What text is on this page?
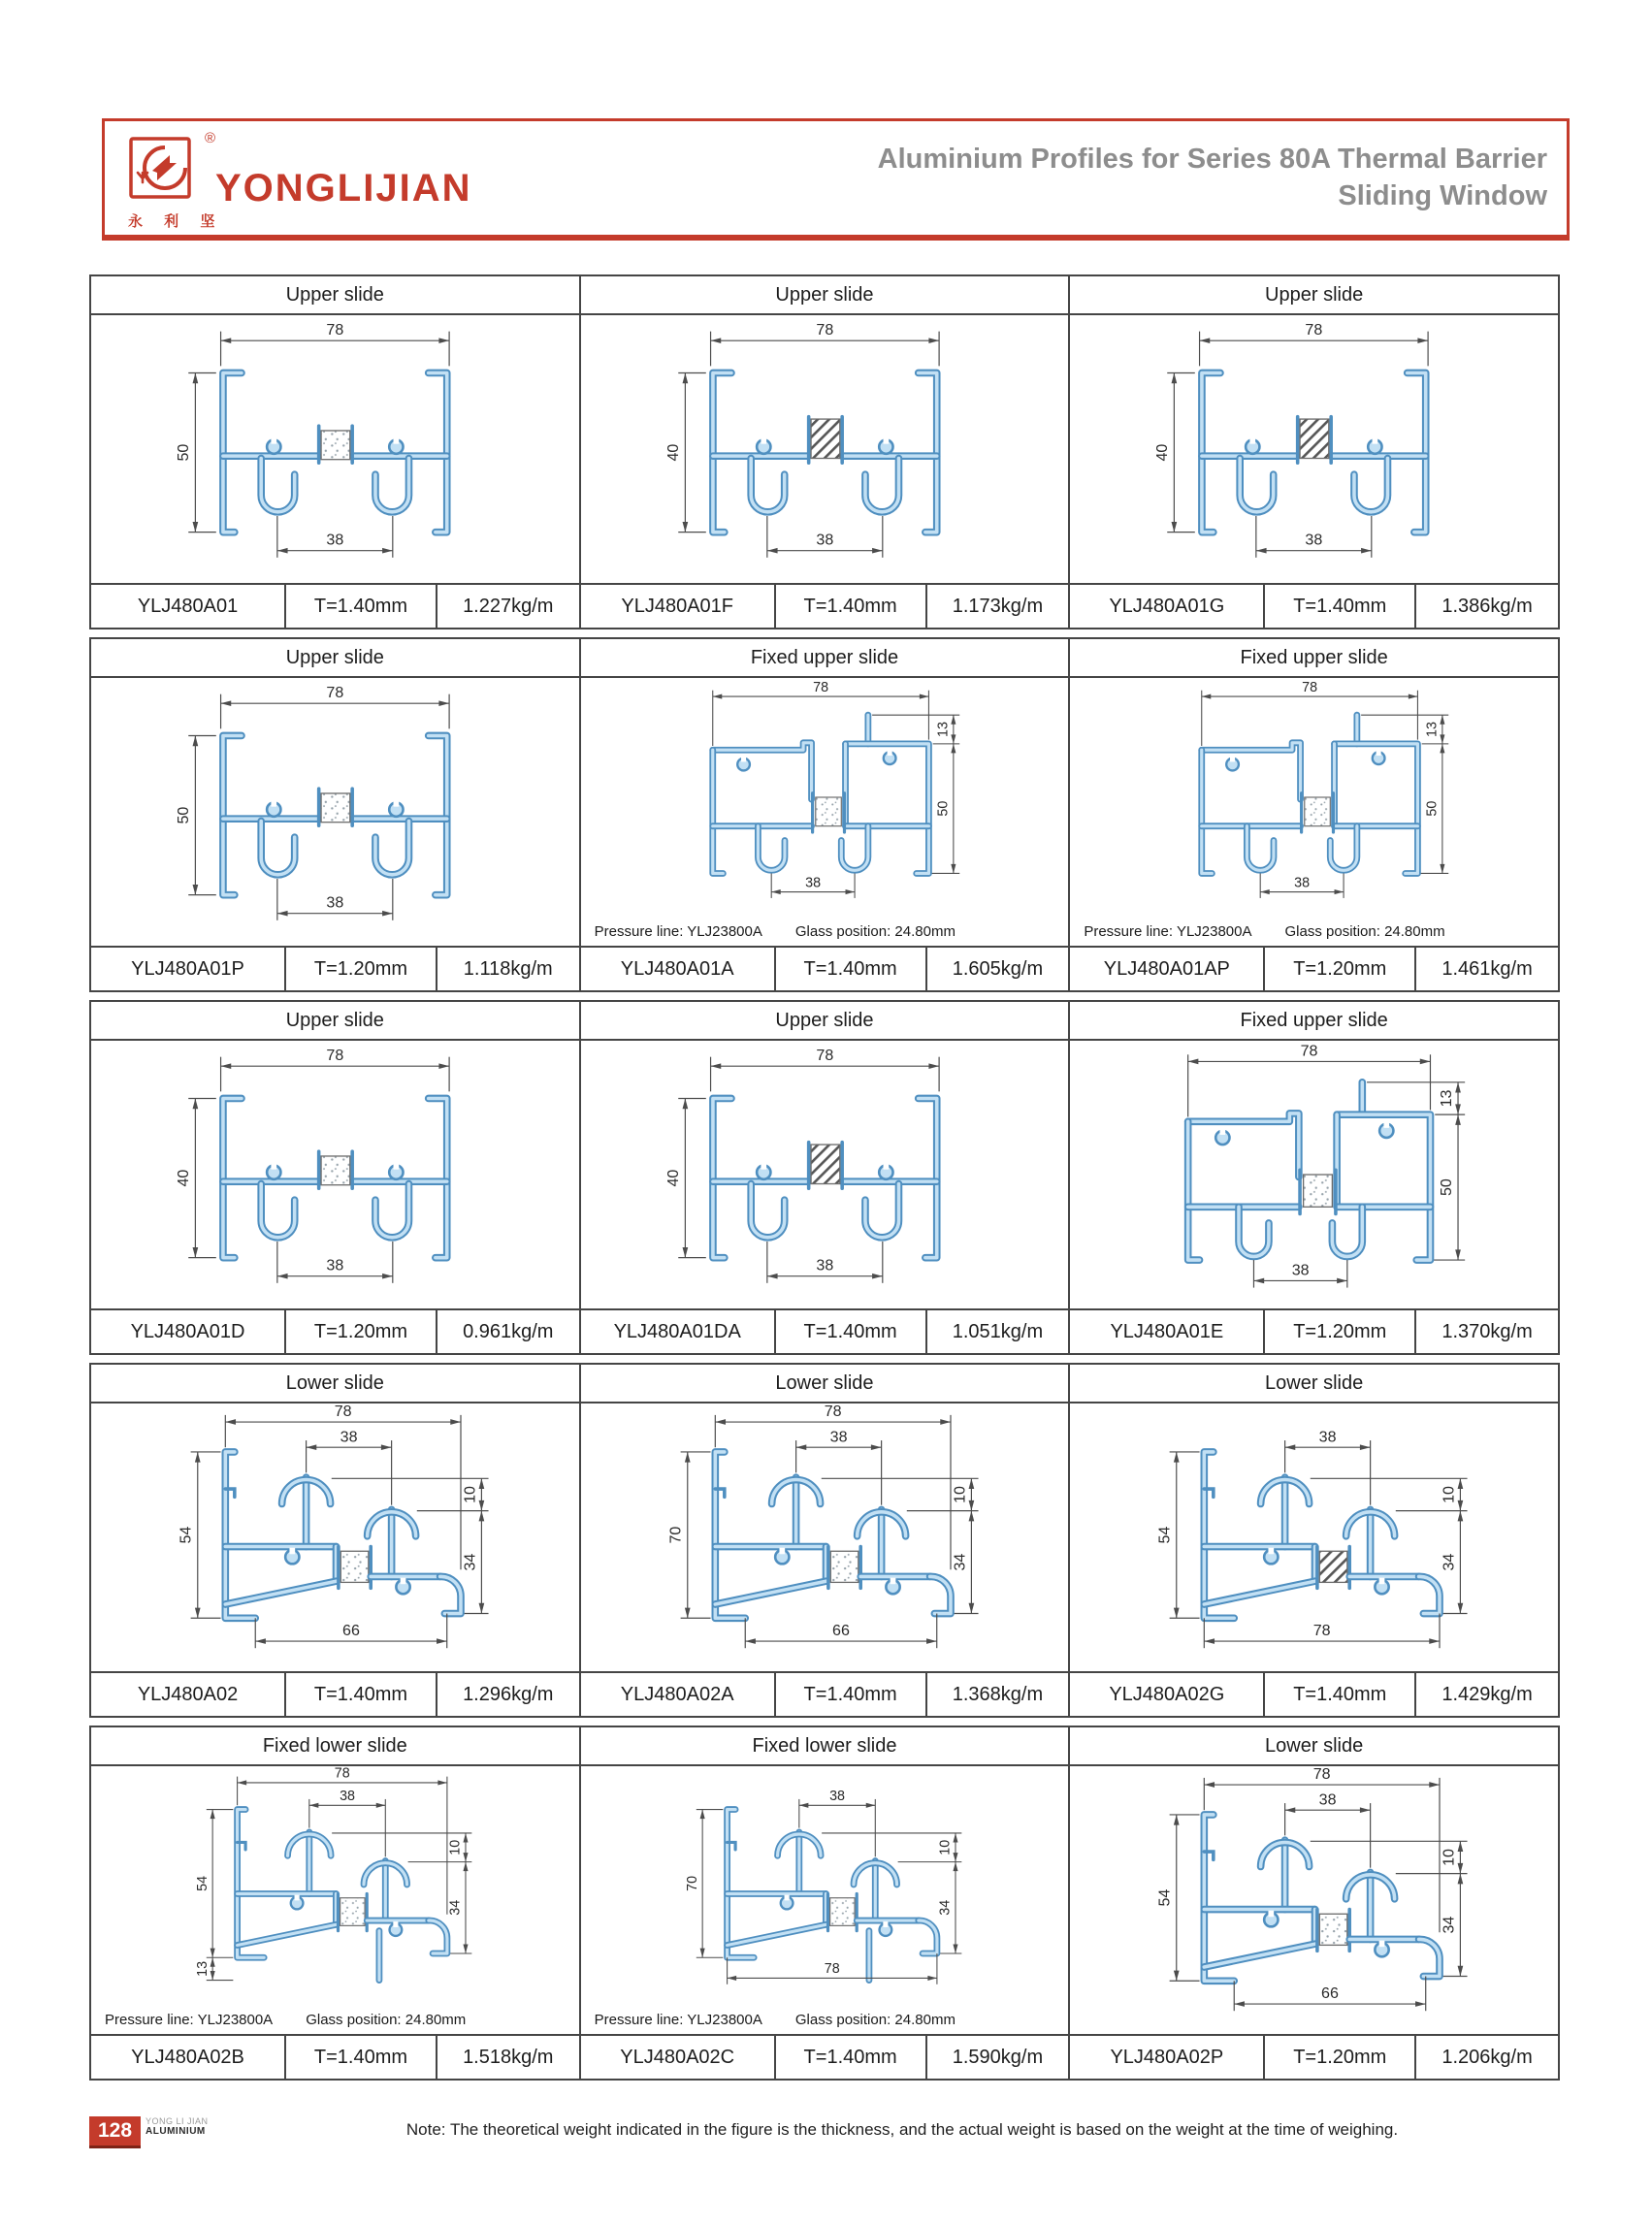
®
永 利 坚
YONGLIJIAN
Aluminium Profiles for Series 80A Thermal Barrier
Sliding Window
Upper slide
78
50
38
YLJ480A01	T=1.40mm	1.227kg/m
Upper slide
78
40
38
YLJ480A01F	T=1.40mm	1.173kg/m
Upper slide
78
40
38
YLJ480A01G	T=1.40mm	1.386kg/m
Upper slide
78
50
38
YLJ480A01P	T=1.20mm	1.118kg/m
Fixed upper slide
78
13
50
38
Pressure line: YLJ23800A Glass position: 24.80mm
YLJ480A01A	T=1.40mm	1.605kg/m
Fixed upper slide
78
13
50
38
Pressure line: YLJ23800A Glass position: 24.80mm
YLJ480A01AP	T=1.20mm	1.461kg/m
Upper slide
78
40
38
YLJ480A01D	T=1.20mm	0.961kg/m
Upper slide
78
40
38
YLJ480A01DA	T=1.40mm	1.051kg/m
Fixed upper slide
78
13
50
38
YLJ480A01E	T=1.20mm	1.370kg/m
Lower slide
78
38
54
10
34
66
YLJ480A02	T=1.40mm	1.296kg/m
Lower slide
78
38
70
10
34
66
YLJ480A02A	T=1.40mm	1.368kg/m
Lower slide
38
54
10
34
78
YLJ480A02G	T=1.40mm	1.429kg/m
Fixed lower slide
78
38
54
10
34
13
Pressure line: YLJ23800A Glass position: 24.80mm
YLJ480A02B	T=1.40mm	1.518kg/m
Fixed lower slide
38
70
10
34
78
Pressure line: YLJ23800A Glass position: 24.80mm
YLJ480A02C	T=1.40mm	1.590kg/m
Lower slide
78
38
54
10
34
66
YLJ480A02P	T=1.20mm	1.206kg/m
128	YONG LI JIAN
ALUMINIUM	Note: The theoretical weight indicated in the figure is the thickness, and the actual weight is based on the weight at the time of weighing.
